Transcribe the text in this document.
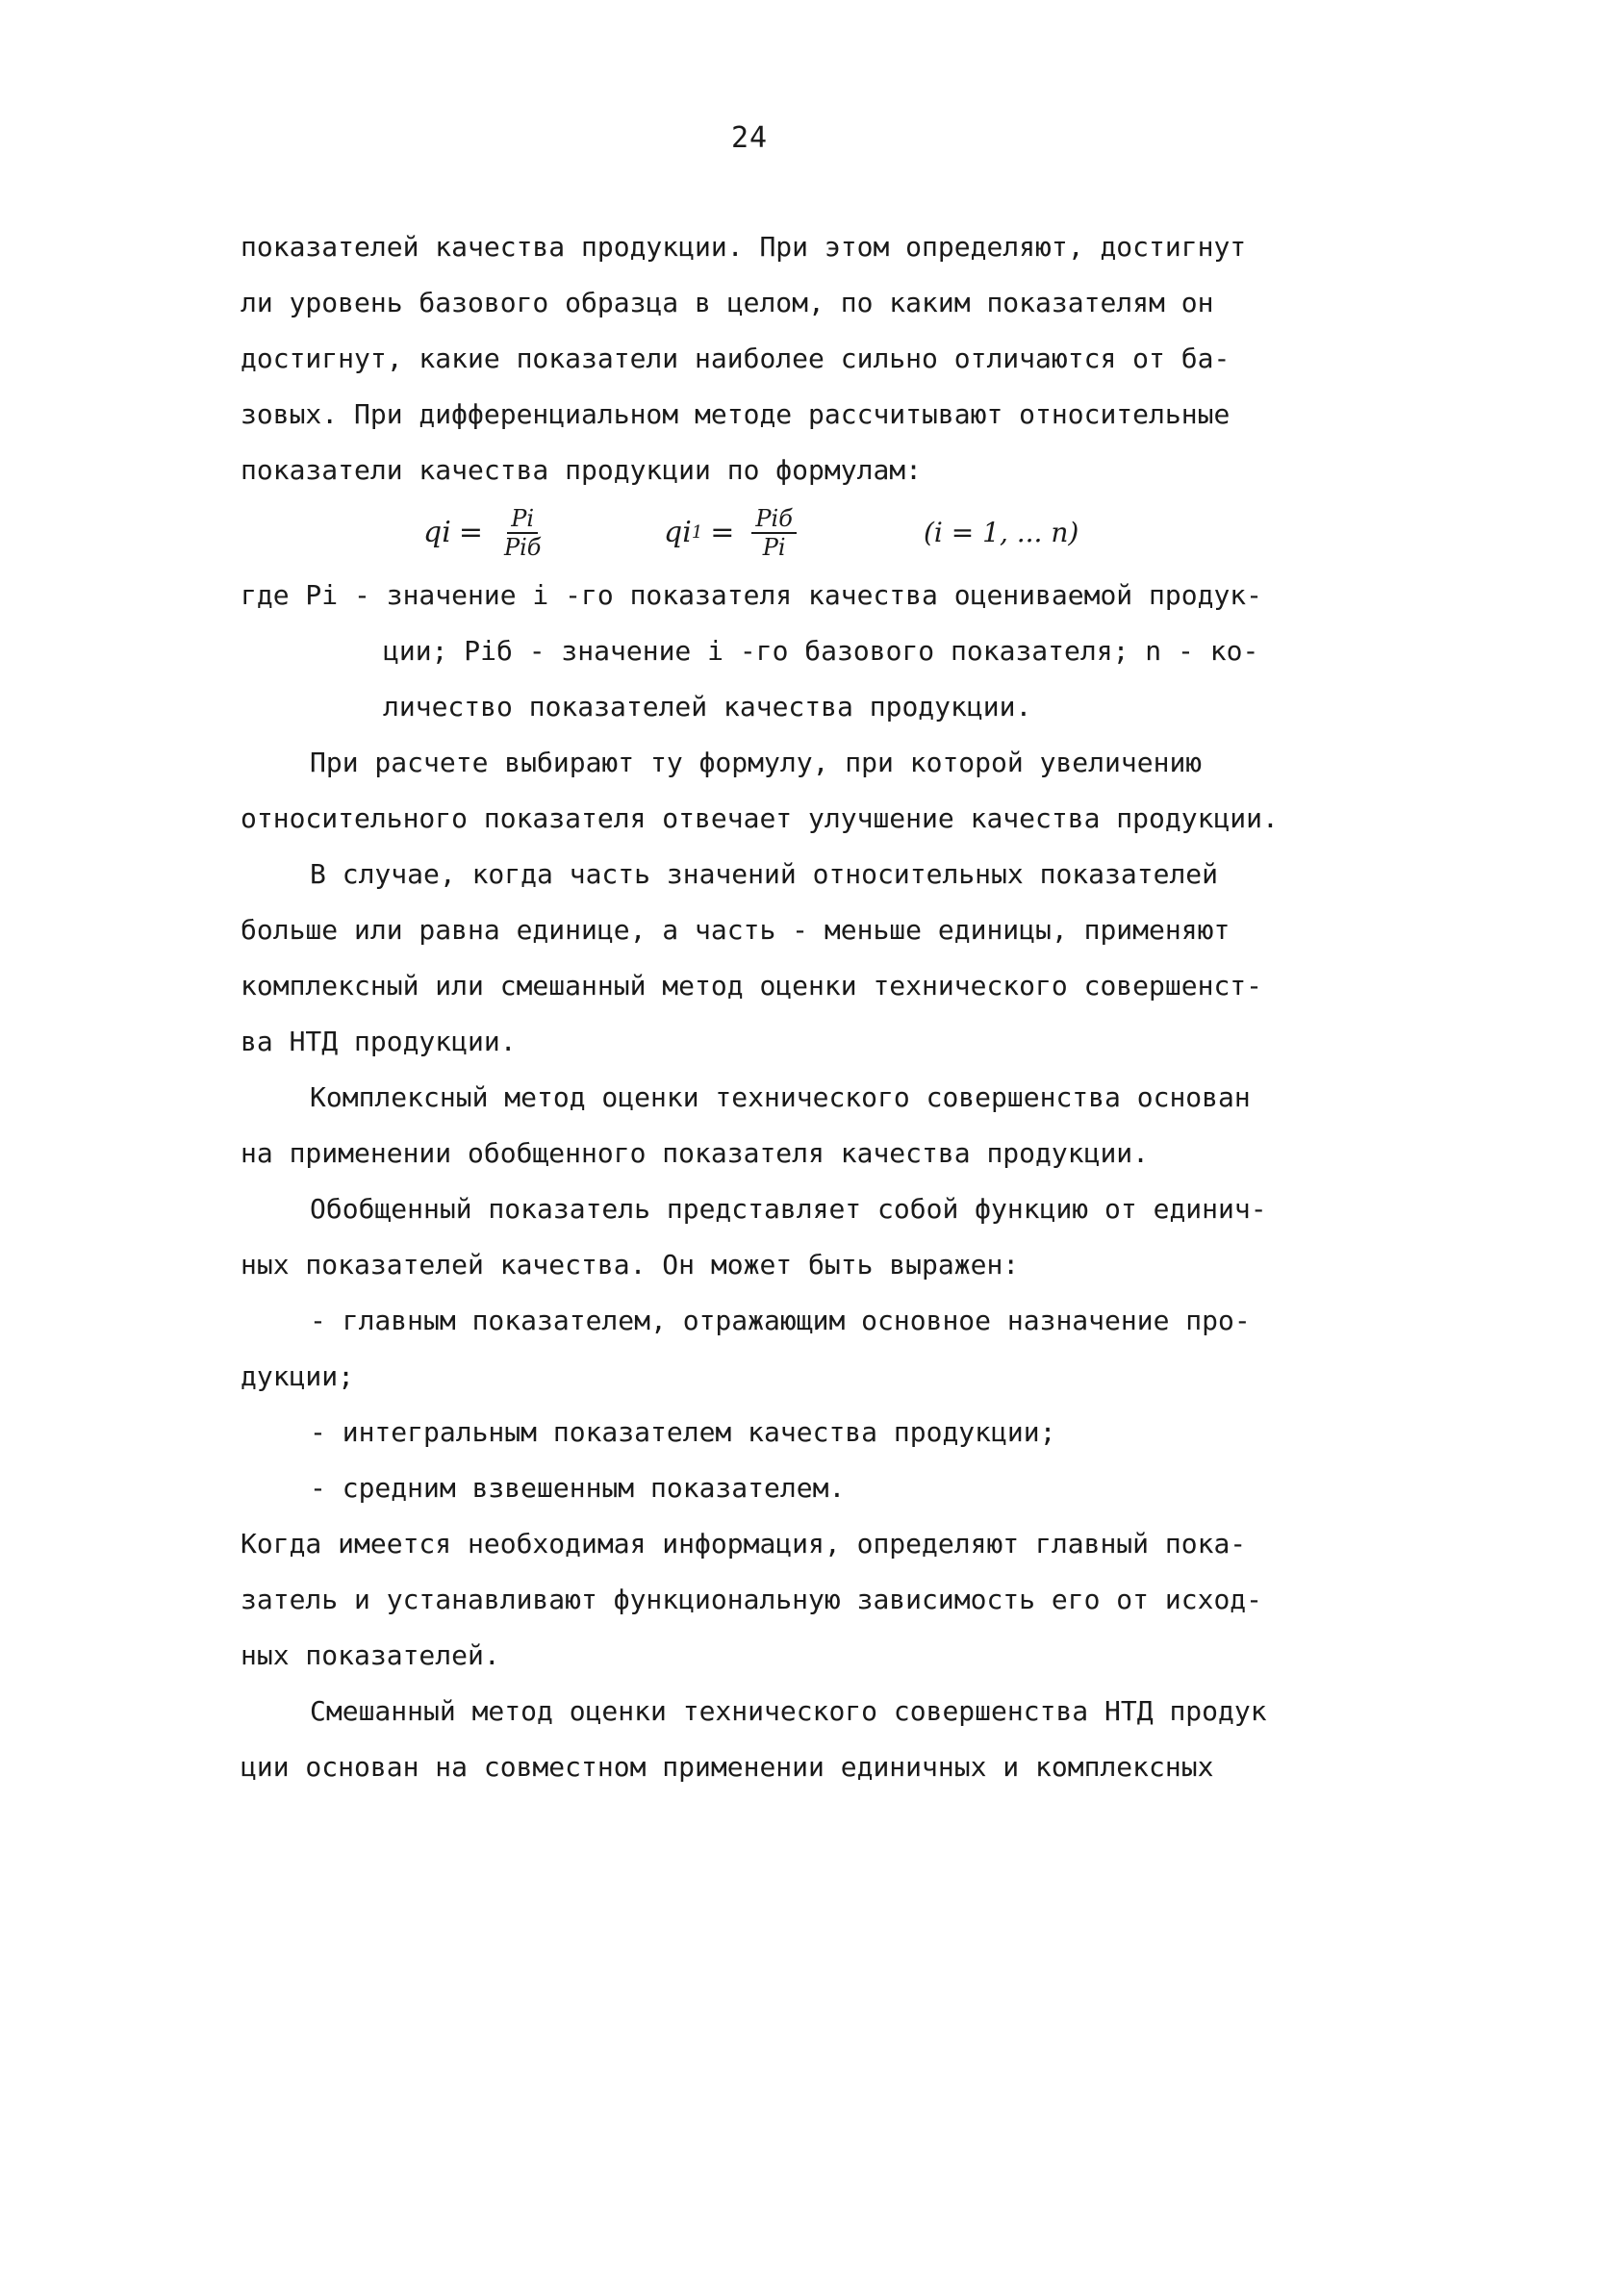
24
показателей качества продукции. При этом определяют, достигнут
ли уровень базового образца в целом, по каким показателям он
достигнут, какие показатели наиболее сильно отличаются от ба-
зовых. При дифференциальном методе рассчитывают относительные
показатели качества продукции по формулам:
qi = $\frac{Pi}{\text{Piб}}$	qi $1 = \frac{\text{Piб}}{Pi}$	(i = 1, ... n)
где Pi - значение i -го показателя качества оцениваемой продук-
ции; Piб - значение i -го базового показателя; n - ко-
личество показателей качества продукции.
При расчете выбирают ту формулу, при которой увеличению
относительного показателя отвечает улучшение качества продукции.
В случае, когда часть значений относительных показателей
больше или равна единице, а часть - меньше единицы, применяют
комплексный или смешанный метод оценки технического совершенст-
ва НТД продукции.
Комплексный метод оценки технического совершенства основан
на применении обобщенного показателя качества продукции.
Обобщенный показатель представляет собой функцию от единич-
ных показателей качества. Он может быть выражен:
- главным показателем, отражающим основное назначение про-
дукции;
- интегральным показателем качества продукции;
- средним взвешенным показателем.
Когда имеется необходимая информация, определяют главный пока-
затель и устанавливают функциональную зависимость его от исход-
ных показателей.
Смешанный метод оценки технического совершенства НТД продук
ции основан на совместном применении единичных и комплексных
